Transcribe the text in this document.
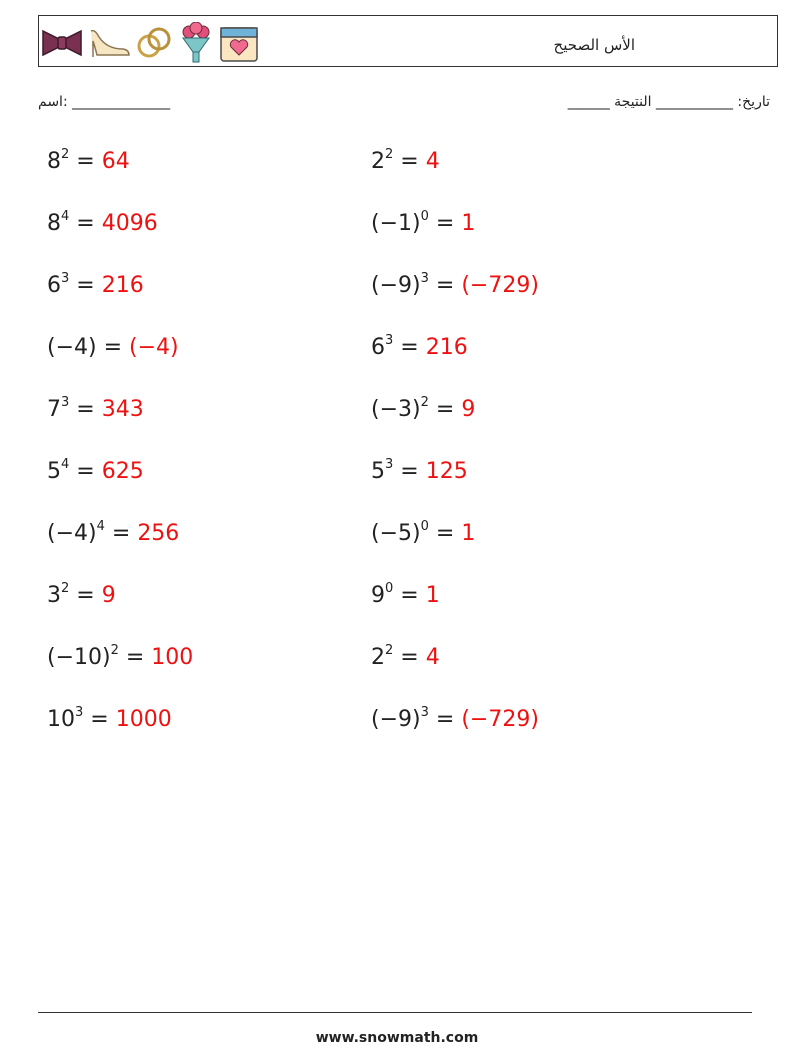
الأس الصحيح
اسم: ______________	تاريخ: ___________ النتيجة ______
$8^2 = 64$	$2^2 = 4$
$8^4 = 4096$	$(-1)^0 = 1$
$6^3 = 216$	$(-9)^3 = (-729)$
(−4) = (−4)	$6^3 = 216$
$7^3 = 343$	$(-3)^2 = 9$
$5^4 = 625$	$5^3 = 125$
$(-4)^4 = 256$	$(-5)^0 = 1$
$3^2 = 9$	$9^0 = 1$
$(-10)^2 = 100$	$2^2 = 4$
$10^3 = 1000$	$(-9)^3 = (-729)$
www.snowmath.com
